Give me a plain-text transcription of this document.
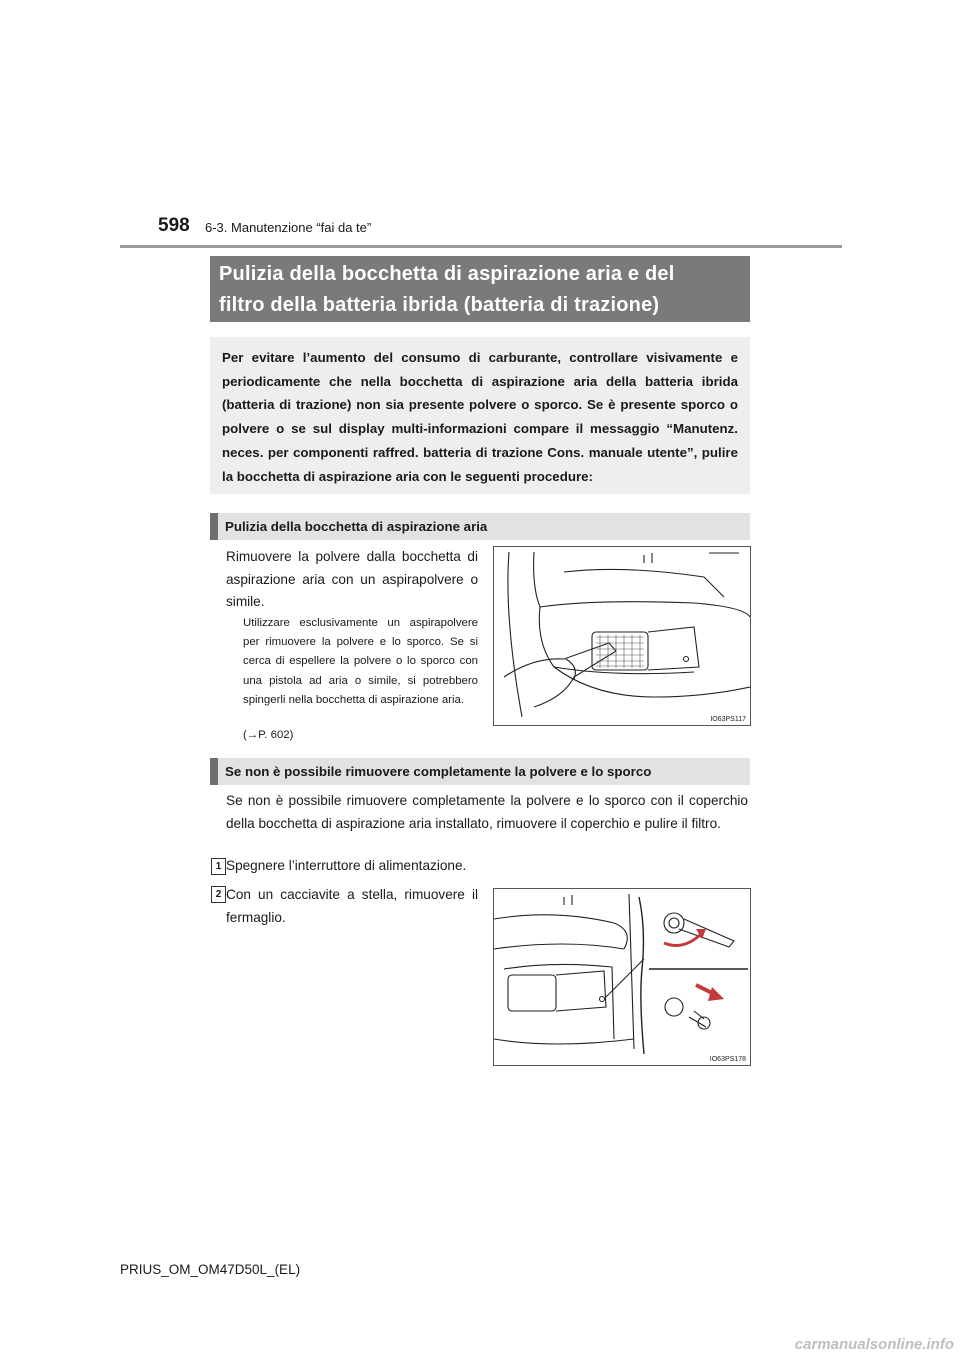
598 6-3. Manutenzione “fai da te”
Pulizia della bocchetta di aspirazione aria e del
filtro della batteria ibrida (batteria di trazione)
Per evitare l’aumento del consumo di carburante, controllare visivamente e periodicamente che nella bocchetta di aspirazione aria della batteria ibrida (batteria di trazione) non sia presente polvere o sporco. Se è presente sporco o polvere o se sul display multi-informazioni compare il messaggio “Manutenz. neces. per componenti raffred. batteria di trazione Cons. manuale utente”, pulire la bocchetta di aspirazione aria con le seguenti procedure:
Pulizia della bocchetta di aspirazione aria
Rimuovere la polvere dalla bocchetta di aspirazione aria con un aspirapolvere o simile.
Utilizzare esclusivamente un aspirapolvere per rimuovere la polvere e lo sporco. Se si cerca di espellere la polvere o lo sporco con una pistola ad aria o simile, si potrebbero spingerli nella bocchetta di aspirazione aria.
(→P. 602)
IO63PS117
Se non è possibile rimuovere completamente la polvere e lo sporco
Se non è possibile rimuovere completamente la polvere e lo sporco con il coperchio della bocchetta di aspirazione aria installato, rimuovere il coperchio e pulire il filtro.
1 Spegnere l’interruttore di alimentazione.
2 Con un cacciavite a stella, rimuovere il fermaglio.
IO63PS178
PRIUS_OM_OM47D50L_(EL)
carmanualsonline.info
